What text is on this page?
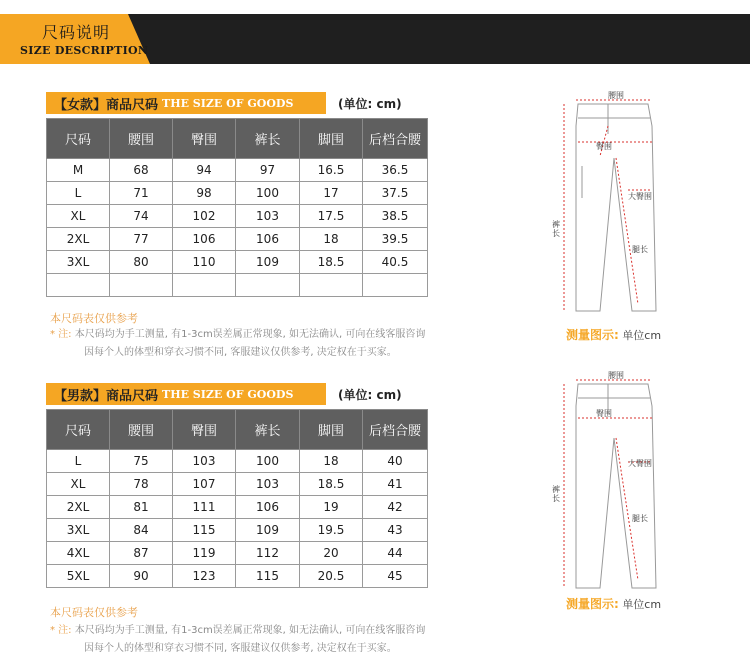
尺码说明
SIZE DESCRIPTION
【女款】商品尺码 THE SIZE OF GOODS	(单位: cm)
尺码	腰围	臀围	裤长	脚围	后档合腰
M	68	94	97	16.5	36.5
L	71	98	100	17	37.5
XL	74	102	103	17.5	38.5
2XL	77	106	106	18	39.5
3XL	80	110	109	18.5	40.5

本尺码表仅供参考
* 注: 本尺码均为手工测量, 有1-3cm误差属正常现象, 如无法确认, 可向在线客服咨询
因每个人的体型和穿衣习惯不同, 客服建议仅供参考, 决定权在于买家。
【男款】商品尺码 THE SIZE OF GOODS	(单位: cm)
尺码	腰围	臀围	裤长	脚围	后档合腰
L	75	103	100	18	40
XL	78	107	103	18.5	41
2XL	81	111	106	19	42
3XL	84	115	109	19.5	43
4XL	87	119	112	20	44
5XL	90	123	115	20.5	45
本尺码表仅供参考
* 注: 本尺码均为手工测量, 有1-3cm误差属正常现象, 如无法确认, 可向在线客服咨询
因每个人的体型和穿衣习惯不同, 客服建议仅供参考, 决定权在于买家。
腰围
臀围
大臀围
裤长
腿长
测量图示: 单位cm
腰围
臀围
大臀围
裤长
腿长
测量图示: 单位cm
